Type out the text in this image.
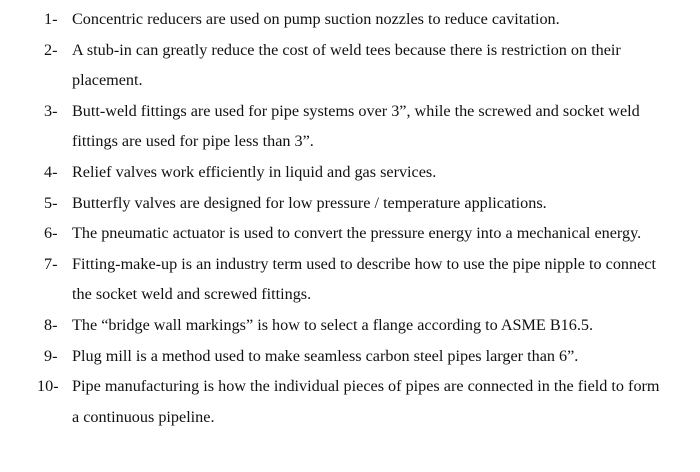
1- Concentric reducers are used on pump suction nozzles to reduce cavitation.
2- A stub-in can greatly reduce the cost of weld tees because there is restriction on their placement.
3- Butt-weld fittings are used for pipe systems over 3”, while the screwed and socket weld fittings are used for pipe less than 3”.
4- Relief valves work efficiently in liquid and gas services.
5- Butterfly valves are designed for low pressure / temperature applications.
6- The pneumatic actuator is used to convert the pressure energy into a mechanical energy.
7- Fitting-make-up is an industry term used to describe how to use the pipe nipple to connect the socket weld and screwed fittings.
8- The “bridge wall markings” is how to select a flange according to ASME B16.5.
9- Plug mill is a method used to make seamless carbon steel pipes larger than 6”.
10- Pipe manufacturing is how the individual pieces of pipes are connected in the field to form a continuous pipeline.
